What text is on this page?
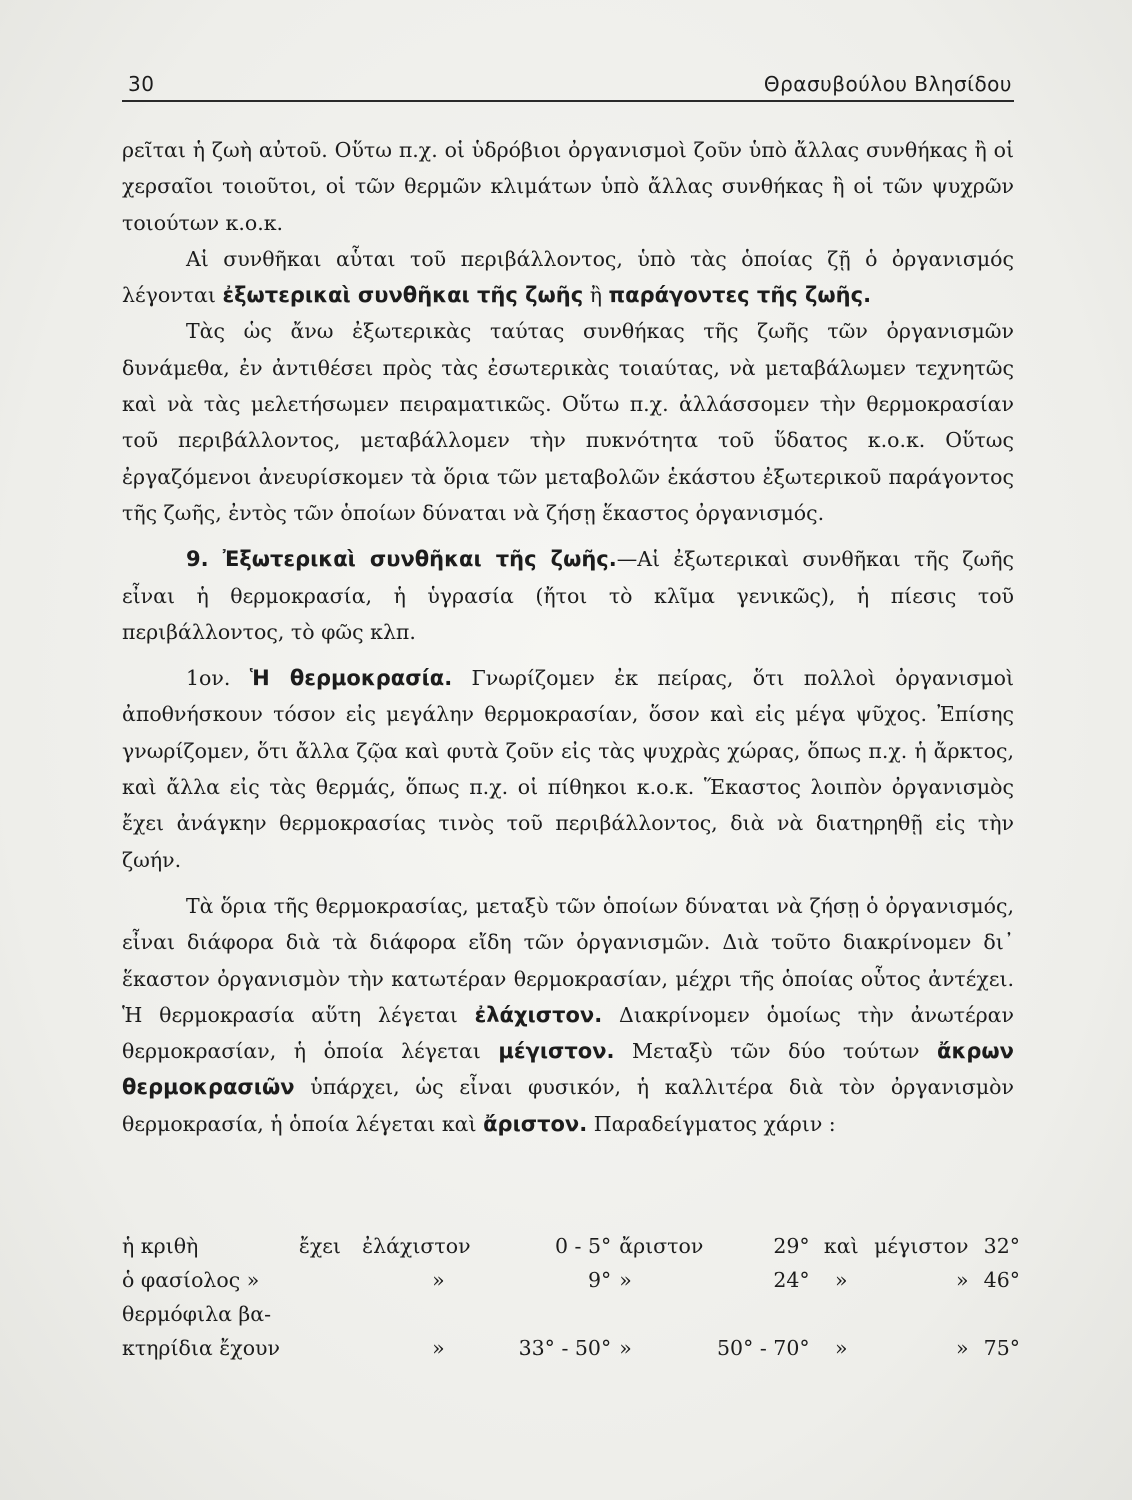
30	Θρασυβούλου Βλησίδου

ρεῖται ἡ ζωὴ αὐτοῦ. Οὕτω π.χ. οἱ ὑδρόβιοι ὀργανισμοὶ ζοῦν ὑπὸ ἄλλας συνθήκας ἢ οἱ χερσαῖοι τοιοῦτοι, οἱ τῶν θερμῶν κλιμάτων ὑπὸ ἄλλας συνθήκας ἢ οἱ τῶν ψυχρῶν τοιούτων κ.ο.κ.

Αἱ συνθῆκαι αὗται τοῦ περιβάλλοντος, ὑπὸ τὰς ὁποίας ζῇ ὁ ὀργανισμός λέγονται ἐξωτερικαὶ συνθῆκαι τῆς ζωῆς ἢ παράγοντες τῆς ζωῆς.

Τὰς ὡς ἄνω ἐξωτερικὰς ταύτας συνθήκας τῆς ζωῆς τῶν ὀργανισμῶν δυνάμεθα, ἐν ἀντιθέσει πρὸς τὰς ἐσωτερικὰς τοιαύτας, νὰ μεταβάλωμεν τεχνητῶς καὶ νὰ τὰς μελετήσωμεν πειραματικῶς. Οὕτω π.χ. ἀλλάσσομεν τὴν θερμοκρασίαν τοῦ περιβάλλοντος, μεταβάλλομεν τὴν πυκνότητα τοῦ ὕδατος κ.ο.κ. Οὕτως ἐργαζόμενοι ἀνευρίσκομεν τὰ ὅρια τῶν μεταβολῶν ἑκάστου ἐξωτερικοῦ παράγοντος τῆς ζωῆς, ἐντὸς τῶν ὁποίων δύναται νὰ ζήσῃ ἕκαστος ὀργανισμός.

9. Ἐξωτερικαὶ συνθῆκαι τῆς ζωῆς.—Αἱ ἐξωτερικαὶ συνθῆκαι τῆς ζωῆς εἶναι ἡ θερμοκρασία, ἡ ὑγρασία (ἤτοι τὸ κλῖμα γενικῶς), ἡ πίεσις τοῦ περιβάλλοντος, τὸ φῶς κλπ.

1ον. Ἡ θερμοκρασία. Γνωρίζομεν ἐκ πείρας, ὅτι πολλοὶ ὀργανισμοὶ ἀποθνήσκουν τόσον εἰς μεγάλην θερμοκρασίαν, ὅσον καὶ εἰς μέγα ψῦχος. Ἐπίσης γνωρίζομεν, ὅτι ἄλλα ζῷα καὶ φυτὰ ζοῦν εἰς τὰς ψυχρὰς χώρας, ὅπως π.χ. ἡ ἄρκτος, καὶ ἄλλα εἰς τὰς θερμάς, ὅπως π.χ. οἱ πίθηκοι κ.ο.κ. Ἕκαστος λοιπὸν ὀργανισμὸς ἔχει ἀνάγκην θερμοκρασίας τινὸς τοῦ περιβάλλοντος, διὰ νὰ διατηρηθῇ εἰς τὴν ζωήν.

Τὰ ὅρια τῆς θερμοκρασίας, μεταξὺ τῶν ὁποίων δύναται νὰ ζήσῃ ὁ ὀργανισμός, εἶναι διάφορα διὰ τὰ διάφορα εἴδη τῶν ὀργανισμῶν. Διὰ τοῦτο διακρίνομεν δι᾽ ἕκαστον ὀργανισμὸν τὴν κατωτέραν θερμοκρασίαν, μέχρι τῆς ὁποίας οὗτος ἀντέχει. Ἡ θερμοκρασία αὕτη λέγεται ἐλάχιστον. Διακρίνομεν ὁμοίως τὴν ἀνωτέραν θερμοκρασίαν, ἡ ὁποία λέγεται μέγιστον. Μεταξὺ τῶν δύο τούτων ἄκρων θερμοκρασιῶν ὑπάρχει, ὡς εἶναι φυσικόν, ἡ καλλιτέρα διὰ τὸν ὀργανισμὸν θερμοκρασία, ἡ ὁποία λέγεται καὶ ἄριστον. Παραδείγματος χάριν :

ἡ κριθὴ	ἔχει	ἐλάχιστον	0 - 5°	ἄριστον	29°	καὶ	μέγιστον	32°
ὁ φασίολος »		»	9°	»	24°	»	»	46°
θερμόφιλα βα-								
κτηρίδια ἔχουν		»	33° - 50°	»	50° - 70°	»	»	75°
